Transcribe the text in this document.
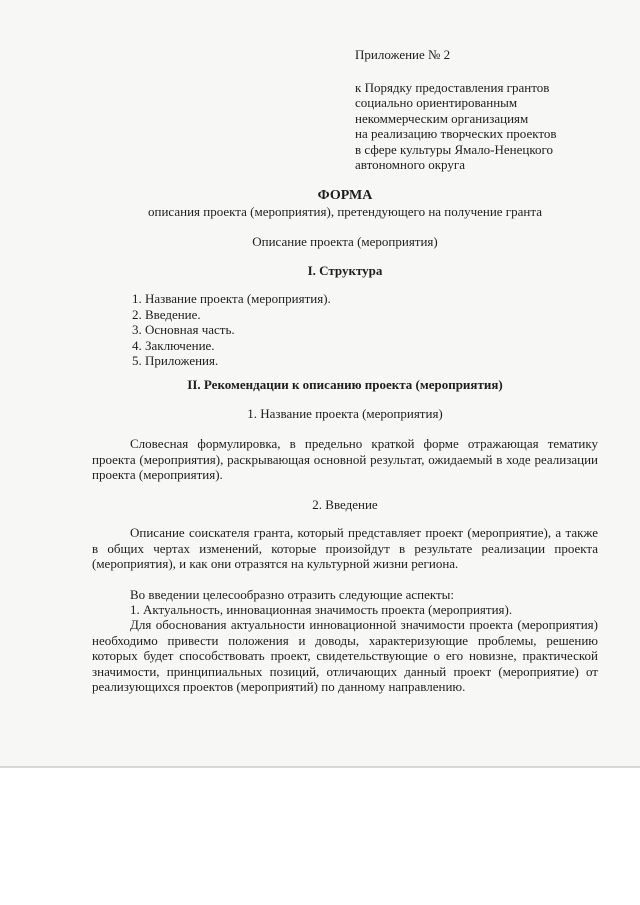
Приложение № 2
к Порядку предоставления грантов
социально ориентированным
некоммерческим организациям
на реализацию творческих проектов
в сфере культуры Ямало-Ненецкого
автономного округа
ФОРМА
описания проекта (мероприятия), претендующего на получение гранта
Описание проекта (мероприятия)
I. Структура
1. Название проекта (мероприятия).
2. Введение.
3. Основная часть.
4. Заключение.
5. Приложения.
II. Рекомендации к описанию проекта (мероприятия)
1. Название проекта (мероприятия)

Словесная формулировка, в предельно краткой форме отражающая тематику проекта (мероприятия), раскрывающая основной результат, ожидаемый в ходе реализации проекта (мероприятия).

2. Введение

Описание соискателя гранта, который представляет проект (мероприятие), а также в общих чертах изменений, которые произойдут в результате реализации проекта (мероприятия), и как они отразятся на культурной жизни региона.

Во введении целесообразно отразить следующие аспекты:

1. Актуальность, инновационная значимость проекта (мероприятия).

Для обоснования актуальности инновационной значимости проекта (мероприятия) необходимо привести положения и доводы, характеризующие проблемы, решению которых будет способствовать проект, свидетельствующие о его новизне, практической значимости, принципиальных позиций, отличающих данный проект (мероприятие) от реализующихся проектов (мероприятий) по данному направлению.
